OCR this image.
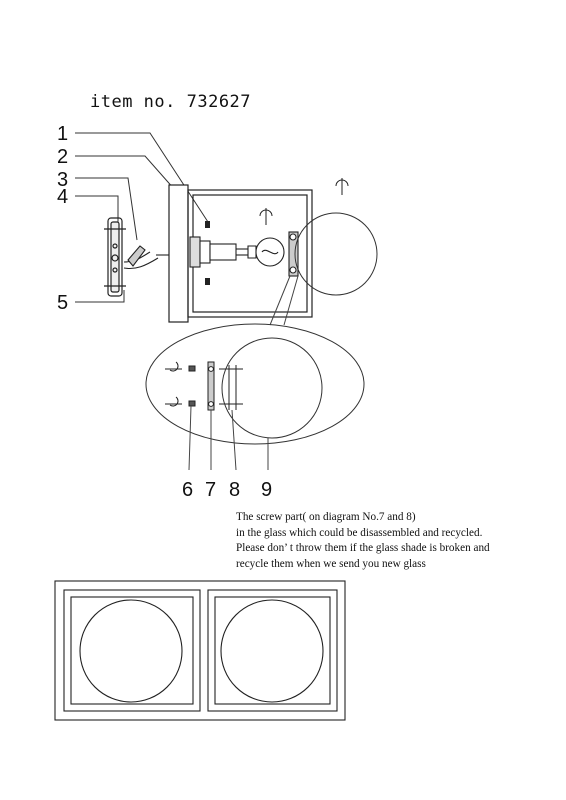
item no. 732627
1
2
3
4
5
6 7 8 9
The screw part( on diagram No.7 and 8)
in the glass which could be disassembled and recycled.
Please don’ t throw them if the glass shade is broken and
recycle them when we send you new glass
